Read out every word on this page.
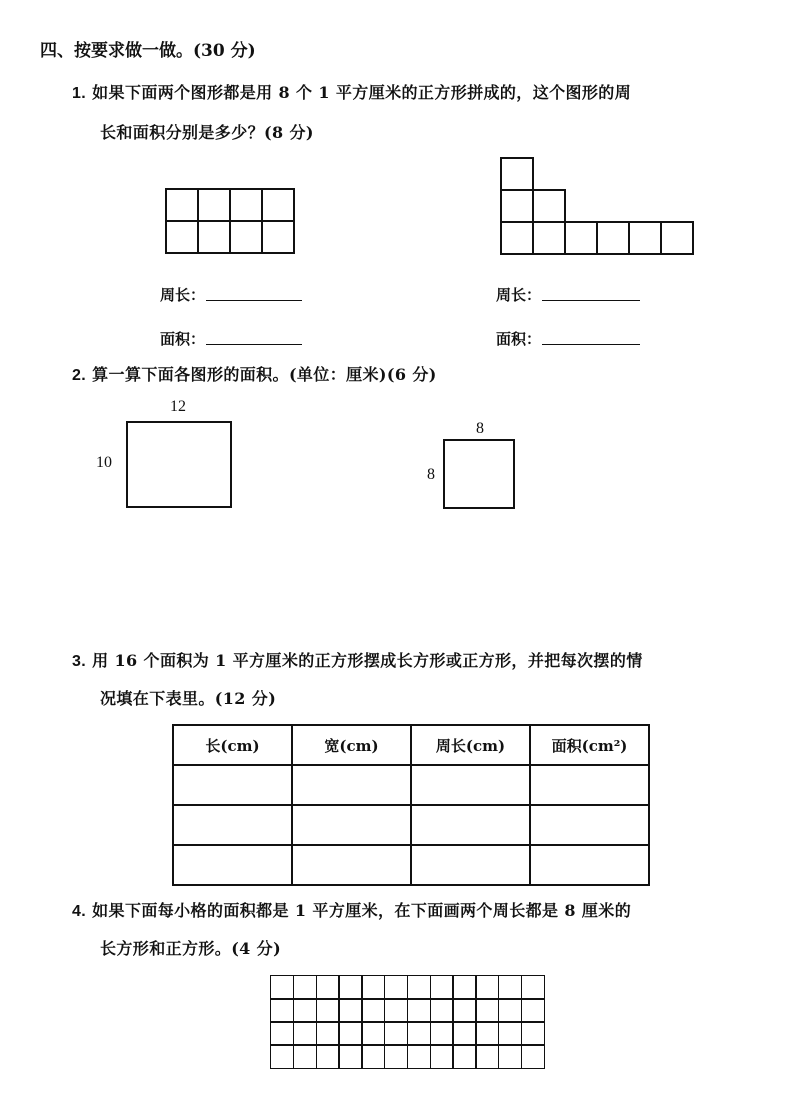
四、按要求做一做。(30 分)
1. 如果下面两个图形都是用 8 个 1 平方厘米的正方形拼成的，这个图形的周
长和面积分别是多少？(8 分)
周长：
面积：
周长：
面积：
2. 算一算下面各图形的面积。(单位：厘米)(6 分)
12
10
8
8
3. 用 16 个面积为 1 平方厘米的正方形摆成长方形或正方形，并把每次摆的情
况填在下表里。(12 分)
长(cm)	宽(cm)	周长(cm)	面积(cm²)

4. 如果下面每小格的面积都是 1 平方厘米，在下面画两个周长都是 8 厘米的
长方形和正方形。(4 分)
